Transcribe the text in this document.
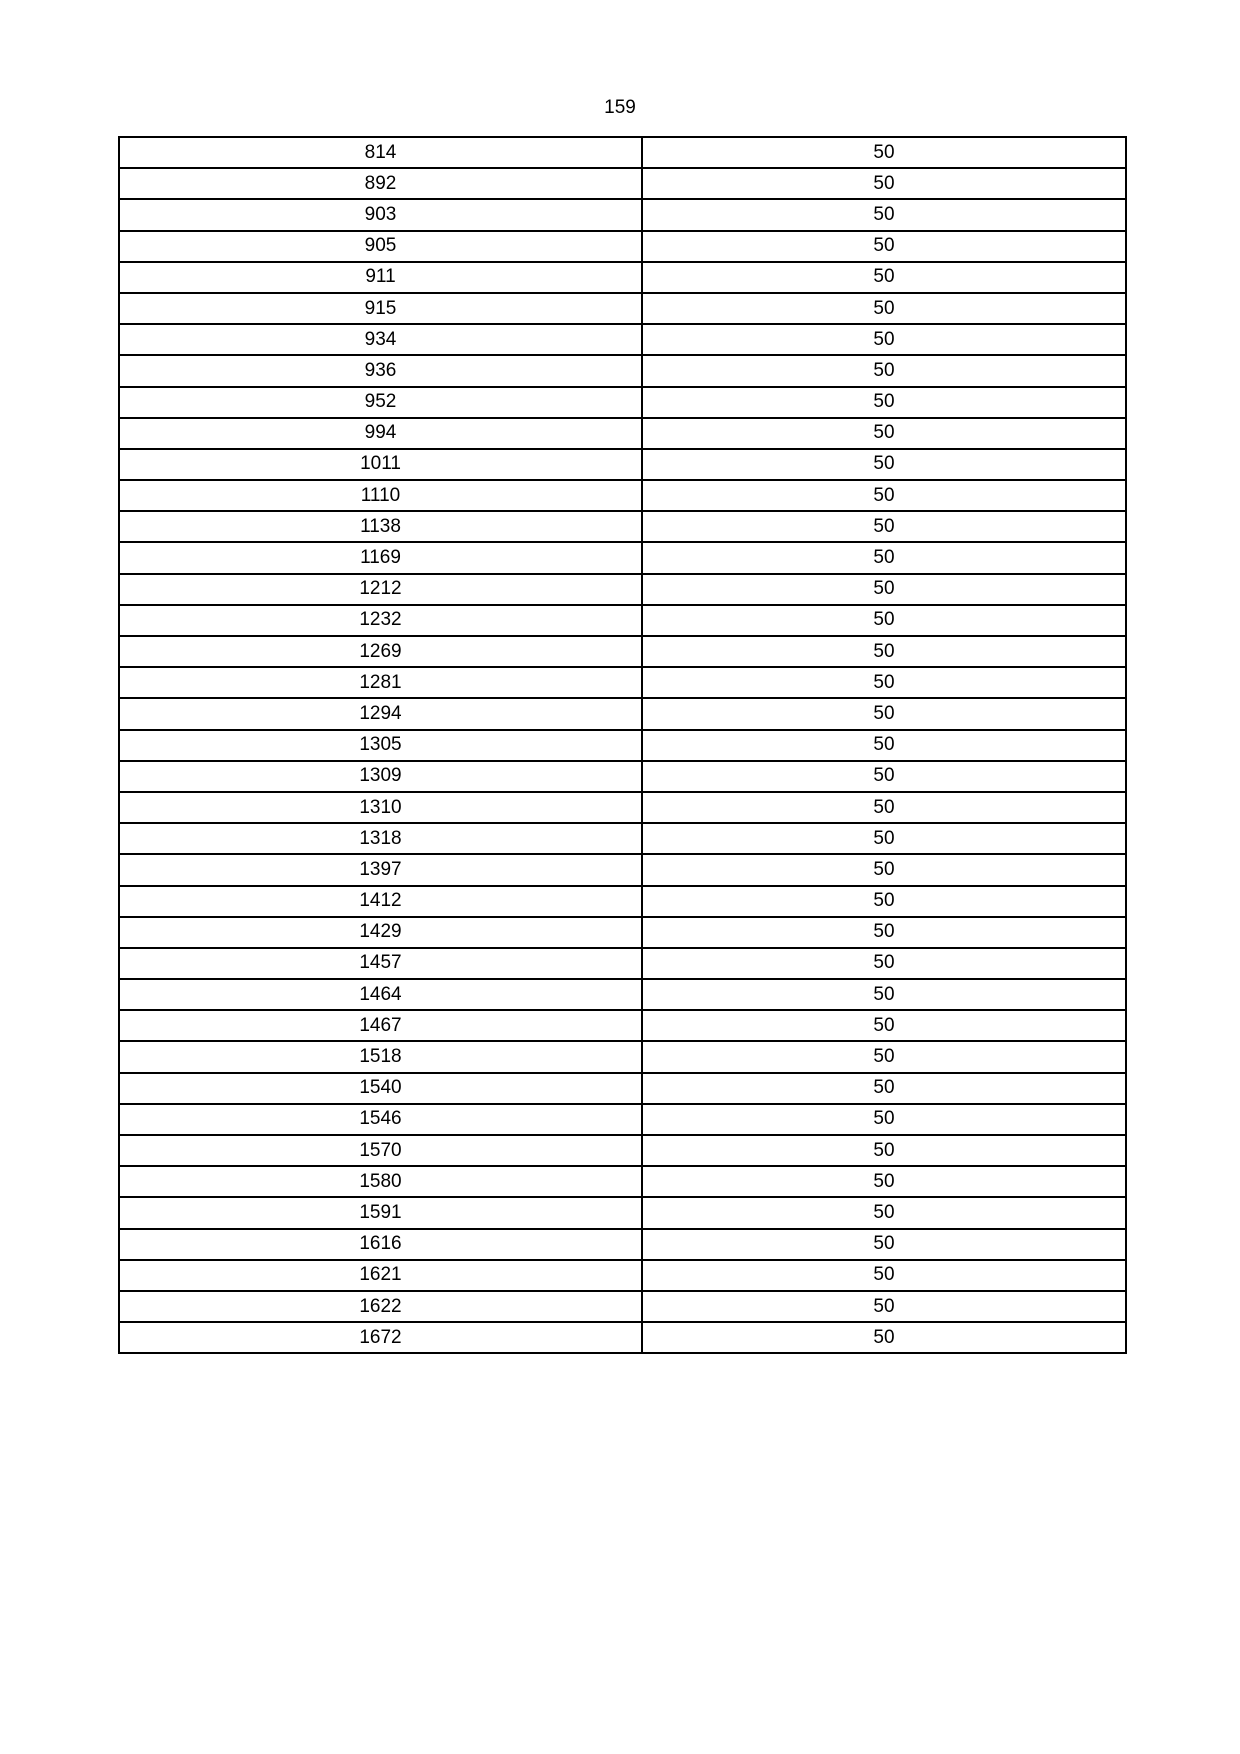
159
814	50
892	50
903	50
905	50
911	50
915	50
934	50
936	50
952	50
994	50
1011	50
1110	50
1138	50
1169	50
1212	50
1232	50
1269	50
1281	50
1294	50
1305	50
1309	50
1310	50
1318	50
1397	50
1412	50
1429	50
1457	50
1464	50
1467	50
1518	50
1540	50
1546	50
1570	50
1580	50
1591	50
1616	50
1621	50
1622	50
1672	50
